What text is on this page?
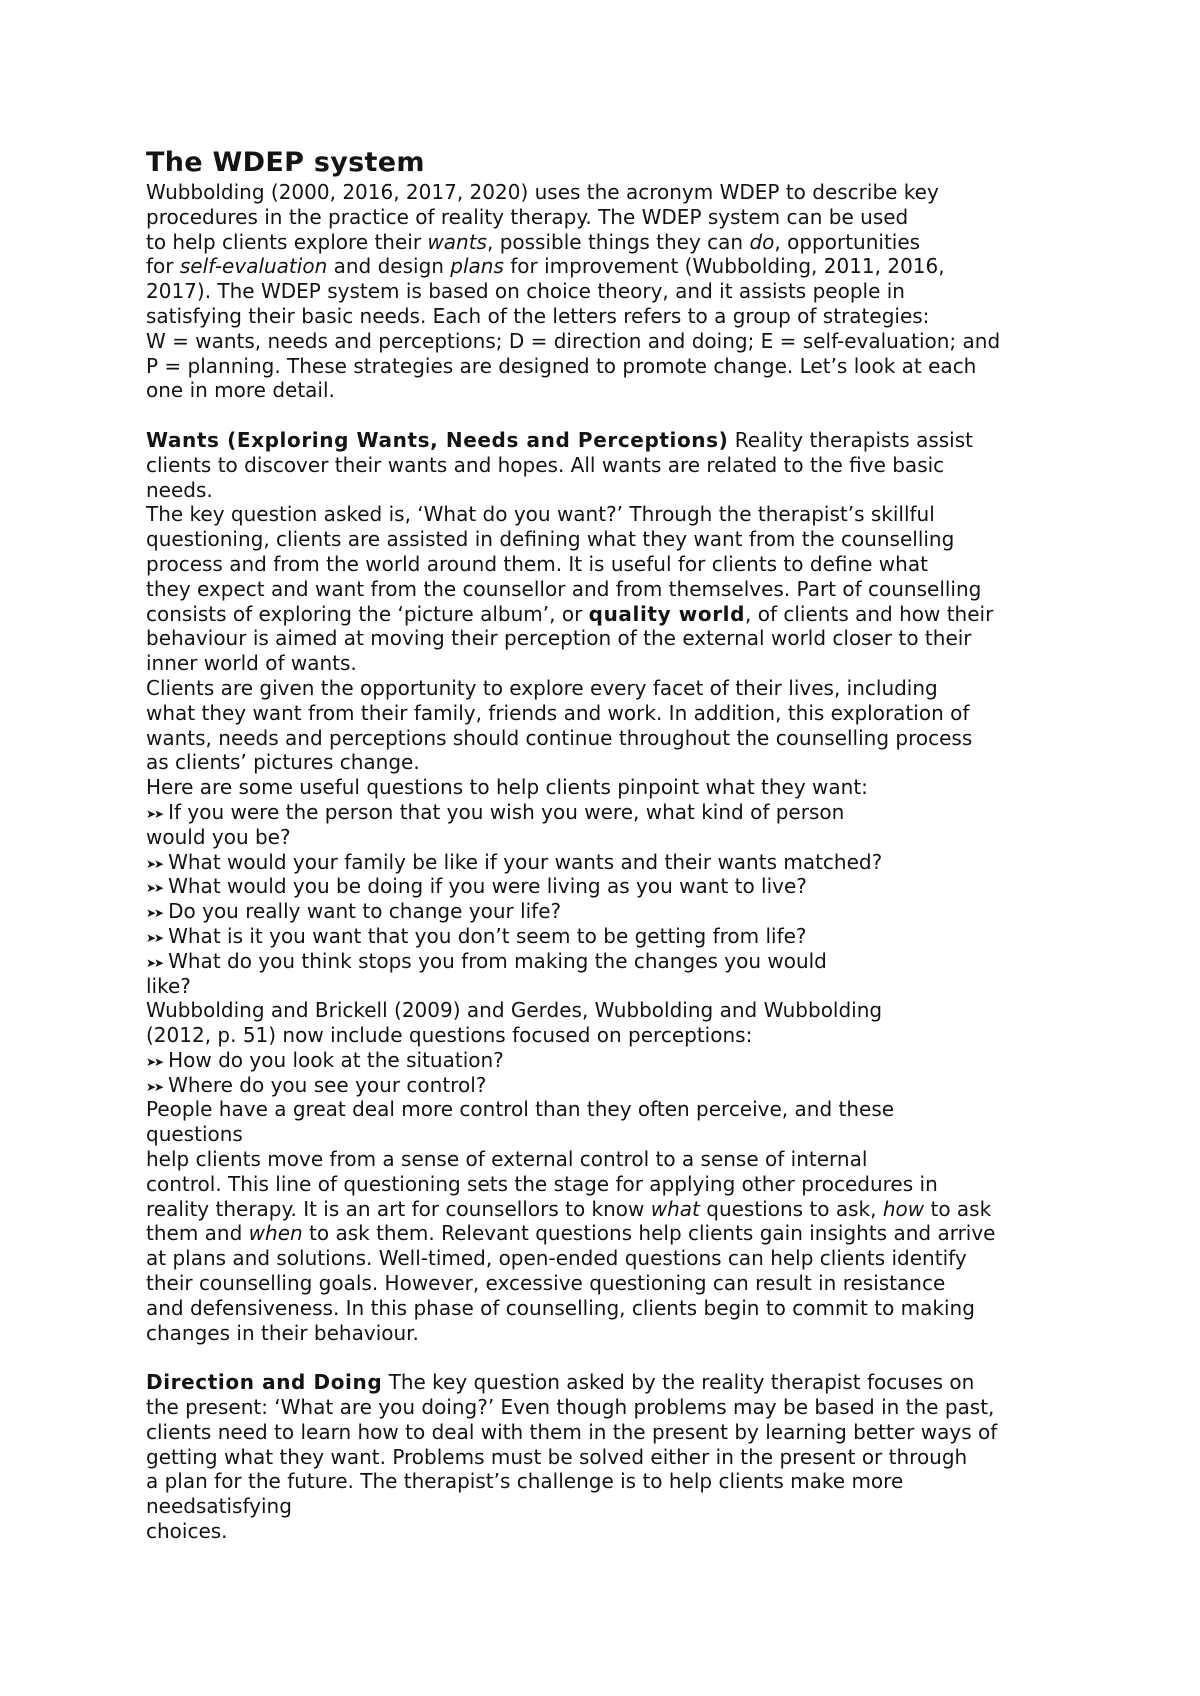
The WDEP system
Wubbolding (2000, 2016, 2017, 2020) uses the acronym WDEP to describe key
procedures in the practice of reality therapy. The WDEP system can be used
to help clients explore their wants, possible things they can do, opportunities
for self-evaluation and design plans for improvement (Wubbolding, 2011, 2016,
2017). The WDEP system is based on choice theory, and it assists people in
satisfying their basic needs. Each of the letters refers to a group of strategies:
W = wants, needs and perceptions; D = direction and doing; E = self-evaluation; and
P = planning. These strategies are designed to promote change. Let’s look at each
one in more detail.
Wants (Exploring Wants, Needs and Perceptions) Reality therapists assist
clients to discover their wants and hopes. All wants are related to the five basic
needs.
The key question asked is, ‘What do you want?’ Through the therapist’s skillful
questioning, clients are assisted in defining what they want from the counselling
process and from the world around them. It is useful for clients to define what
they expect and want from the counsellor and from themselves. Part of counselling
consists of exploring the ‘picture album’, or quality world, of clients and how their
behaviour is aimed at moving their perception of the external world closer to their
inner world of wants.
Clients are given the opportunity to explore every facet of their lives, including
what they want from their family, friends and work. In addition, this exploration of
wants, needs and perceptions should continue throughout the counselling process
as clients’ pictures change.
Here are some useful questions to help clients pinpoint what they want:
➤➤ If you were the person that you wish you were, what kind of person
would you be?
➤➤ What would your family be like if your wants and their wants matched?
➤➤ What would you be doing if you were living as you want to live?
➤➤ Do you really want to change your life?
➤➤ What is it you want that you don’t seem to be getting from life?
➤➤ What do you think stops you from making the changes you would
like?
Wubbolding and Brickell (2009) and Gerdes, Wubbolding and Wubbolding
(2012, p. 51) now include questions focused on perceptions:
➤➤ How do you look at the situation?
➤➤ Where do you see your control?
People have a great deal more control than they often perceive, and these
questions
help clients move from a sense of external control to a sense of internal
control. This line of questioning sets the stage for applying other procedures in
reality therapy. It is an art for counsellors to know what questions to ask, how to ask
them and when to ask them. Relevant questions help clients gain insights and arrive
at plans and solutions. Well-timed, open-ended questions can help clients identify
their counselling goals. However, excessive questioning can result in resistance
and defensiveness. In this phase of counselling, clients begin to commit to making
changes in their behaviour.
Direction and Doing The key question asked by the reality therapist focuses on
the present: ‘What are you doing?’ Even though problems may be based in the past,
clients need to learn how to deal with them in the present by learning better ways of
getting what they want. Problems must be solved either in the present or through
a plan for the future. The therapist’s challenge is to help clients make more
needsatisfying
choices.
